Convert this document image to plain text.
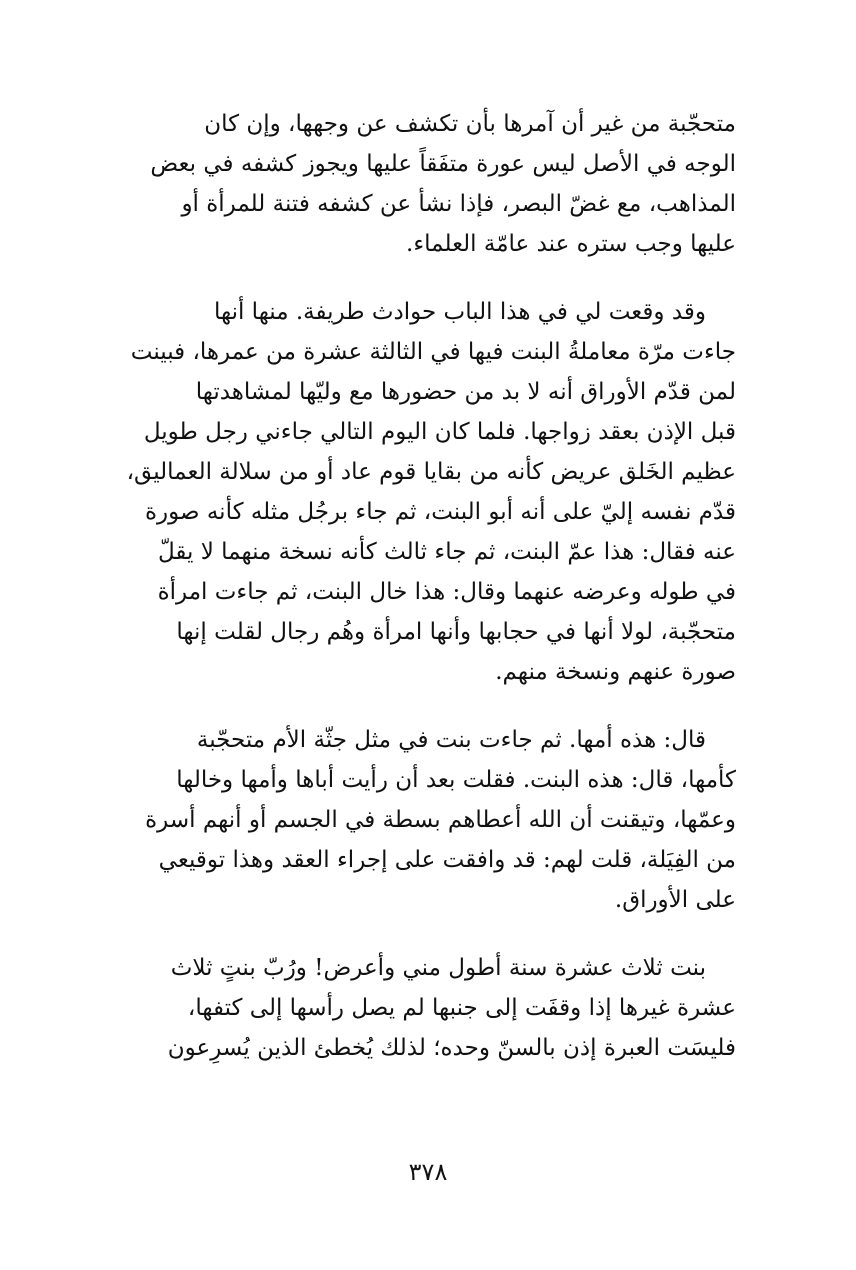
متحجّبة من غير أن آمرها بأن تكشف عن وجهها، وإن كان
الوجه في الأصل ليس عورة متفَقاً عليها ويجوز كشفه في بعض
المذاهب، مع غضّ البصر، فإذا نشأ عن كشفه فتنة للمرأة أو
عليها وجب ستره عند عامّة العلماء.
وقد وقعت لي في هذا الباب حوادث طريفة. منها أنها
جاءت مرّة معاملةُ البنت فيها في الثالثة عشرة من عمرها، فبينت
لمن قدّم الأوراق أنه لا بد من حضورها مع وليّها لمشاهدتها
قبل الإذن بعقد زواجها. فلما كان اليوم التالي جاءني رجل طويل
عظيم الخَلق عريض كأنه من بقايا قوم عاد أو من سلالة العماليق،
قدّم نفسه إليّ على أنه أبو البنت، ثم جاء برجُل مثله كأنه صورة
عنه فقال: هذا عمّ البنت، ثم جاء ثالث كأنه نسخة منهما لا يقلّ
في طوله وعرضه عنهما وقال: هذا خال البنت، ثم جاءت امرأة
متحجّبة، لولا أنها في حجابها وأنها امرأة وهُم رجال لقلت إنها
صورة عنهم ونسخة منهم.
قال: هذه أمها. ثم جاءت بنت في مثل جثّة الأم متحجّبة
كأمها، قال: هذه البنت. فقلت بعد أن رأيت أباها وأمها وخالها
وعمّها، وتيقنت أن الله أعطاهم بسطة في الجسم أو أنهم أسرة
من الفِيَلة، قلت لهم: قد وافقت على إجراء العقد وهذا توقيعي
على الأوراق.
بنت ثلاث عشرة سنة أطول مني وأعرض! ورُبّ بنتٍ ثلاث
عشرة غيرها إذا وقفَت إلى جنبها لم يصل رأسها إلى كتفها،
فليسَت العبرة إذن بالسنّ وحده؛ لذلك يُخطئ الذين يُسرِعون
٣٧٨
